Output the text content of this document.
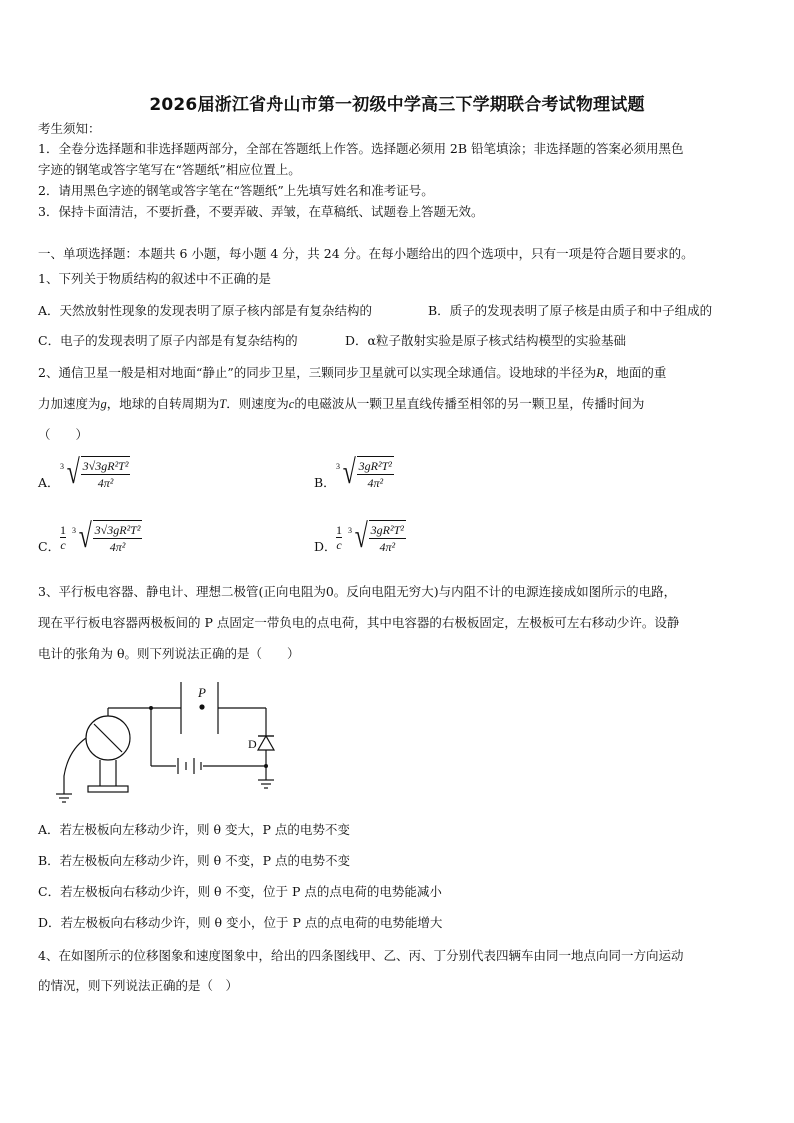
2026届浙江省舟山市第一初级中学高三下学期联合考试物理试题
考生须知：
1．全卷分选择题和非选择题两部分，全部在答题纸上作答。选择题必须用 2B 铅笔填涂；非选择题的答案必须用黑色
字迹的钢笔或答字笔写在“答题纸”相应位置上。
2．请用黑色字迹的钢笔或答字笔在“答题纸”上先填写姓名和准考证号。
3．保持卡面清洁，不要折叠，不要弄破、弄皱，在草稿纸、试题卷上答题无效。
一、单项选择题：本题共 6 小题，每小题 4 分，共 24 分。在每小题给出的四个选项中，只有一项是符合题目要求的。
1、下列关于物质结构的叙述中不正确的是
A．天然放射性现象的发现表明了原子核内部是有复杂结构的	B．质子的发现表明了原子核是由质子和中子组成的
C．电子的发现表明了原子内部是有复杂结构的	D．α粒子散射实验是原子核式结构模型的实验基础
2、通信卫星一般是相对地面“静止”的同步卫星，三颗同步卫星就可以实现全球通信。设地球的半径为R，地面的重
力加速度为g，地球的自转周期为T．则速度为c的电磁波从一颗卫星直线传播至相邻的另一颗卫星，传播时间为
（　　）
A．
3 √ $\frac{\text{3√3gR²T²}}{\text{4π²}}$	B．
3 √ $\frac{\text{3gR²T²}}{\text{4π²}}$
C． $\frac{1}{c}$
3 √ $\frac{\text{3√3gR²T²}}{\text{4π²}}$	D． $\frac{1}{c}$
3 √ $\frac{\text{3gR²T²}}{\text{4π²}}$
3、平行板电容器、静电计、理想二极管(正向电阻为0。反向电阻无穷大)与内阻不计的电源连接成如图所示的电路，
现在平行板电容器两极板间的 P 点固定一带负电的点电荷，其中电容器的右极板固定，左极板可左右移动少许。设静
电计的张角为 θ。则下列说法正确的是（　　）
P
D
A．若左极板向左移动少许，则 θ 变大，P 点的电势不变
B．若左极板向左移动少许，则 θ 不变，P 点的电势不变
C．若左极板向右移动少许，则 θ 不变，位于 P 点的点电荷的电势能减小
D．若左极板向右移动少许，则 θ 变小，位于 P 点的点电荷的电势能增大
4、在如图所示的位移图象和速度图象中，给出的四条图线甲、乙、丙、丁分别代表四辆车由同一地点向同一方向运动
的情况，则下列说法正确的是（　）
